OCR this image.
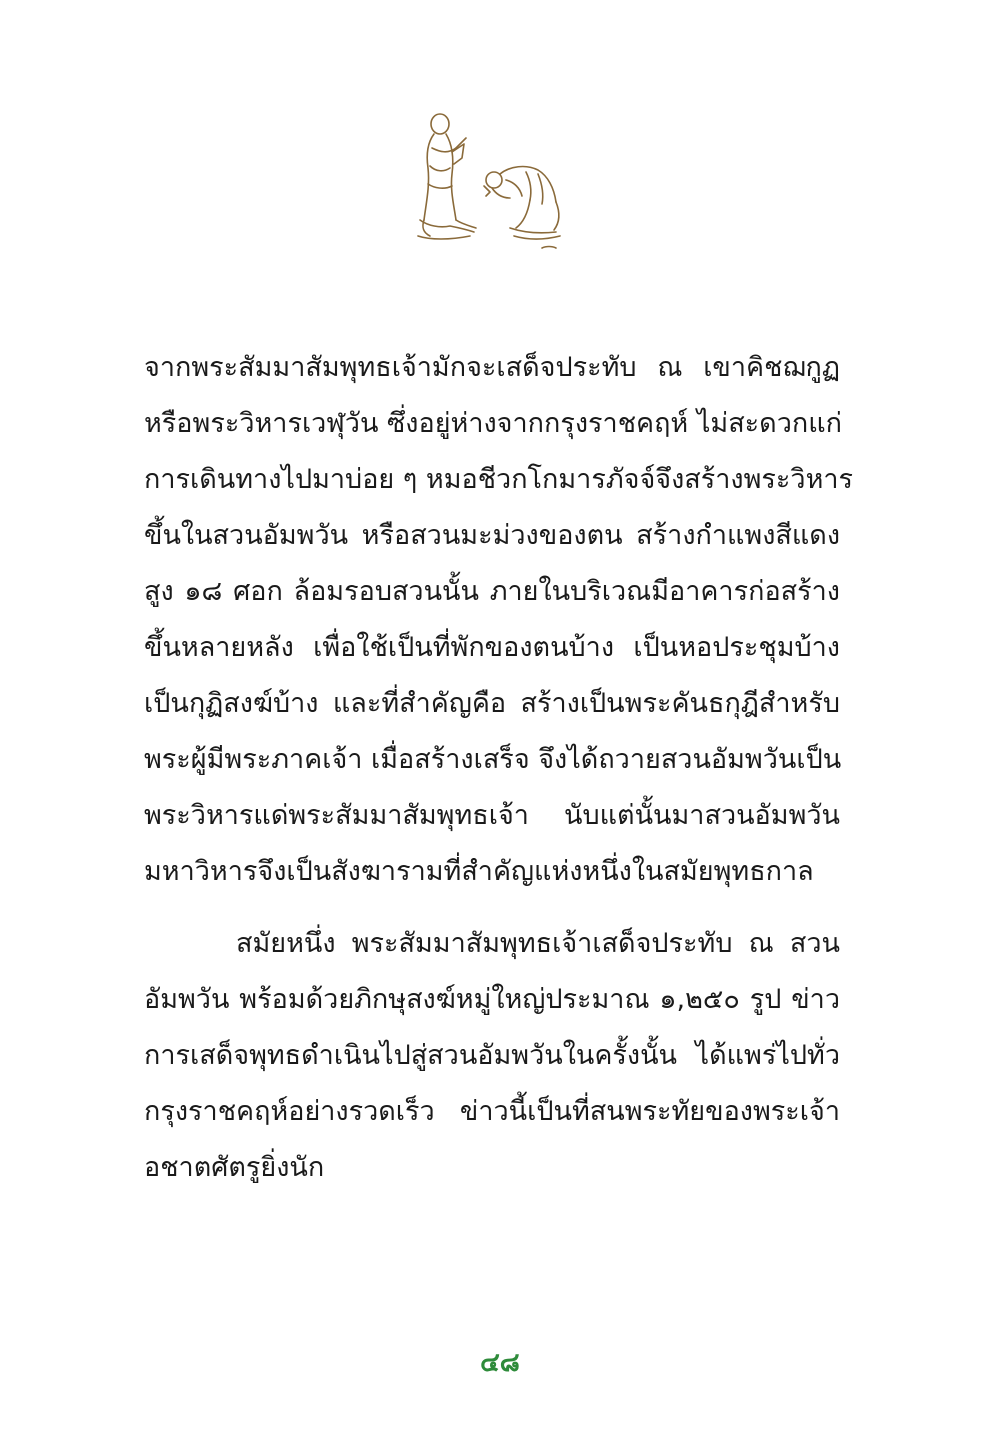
จากพระสัมมาสัมพุทธเจ้ามักจะเสด็จประทับ ณ เขาคิชฌกูฏ
หรือพระวิหารเวฬุวัน ซึ่งอยู่ห่างจากกรุงราชคฤห์ ไม่สะดวกแก่
การเดินทางไปมาบ่อย ๆ หมอชีวกโกมารภัจจ์จึงสร้างพระวิหาร
ขึ้นในสวนอัมพวัน หรือสวนมะม่วงของตน สร้างกำแพงสีแดง
สูง ๑๘ ศอก ล้อมรอบสวนนั้น ภายในบริเวณมีอาคารก่อสร้าง
ขึ้นหลายหลัง เพื่อใช้เป็นที่พักของตนบ้าง เป็นหอประชุมบ้าง
เป็นกุฏิสงฆ์บ้าง และที่สำคัญคือ สร้างเป็นพระคันธกุฎีสำหรับ
พระผู้มีพระภาคเจ้า เมื่อสร้างเสร็จ จึงได้ถวายสวนอัมพวันเป็น
พระวิหารแด่พระสัมมาสัมพุทธเจ้า นับแต่นั้นมาสวนอัมพวัน
มหาวิหารจึงเป็นสังฆารามที่สำคัญแห่งหนึ่งในสมัยพุทธกาล
สมัยหนึ่ง พระสัมมาสัมพุทธเจ้าเสด็จประทับ ณ สวน
อัมพวัน พร้อมด้วยภิกษุสงฆ์หมู่ใหญ่ประมาณ ๑,๒๕๐ รูป ข่าว
การเสด็จพุทธดำเนินไปสู่สวนอัมพวันในครั้งนั้น ได้แพร่ไปทั่ว
กรุงราชคฤห์อย่างรวดเร็ว ข่าวนี้เป็นที่สนพระทัยของพระเจ้า
อชาตศัตรูยิ่งนัก
๔๘
